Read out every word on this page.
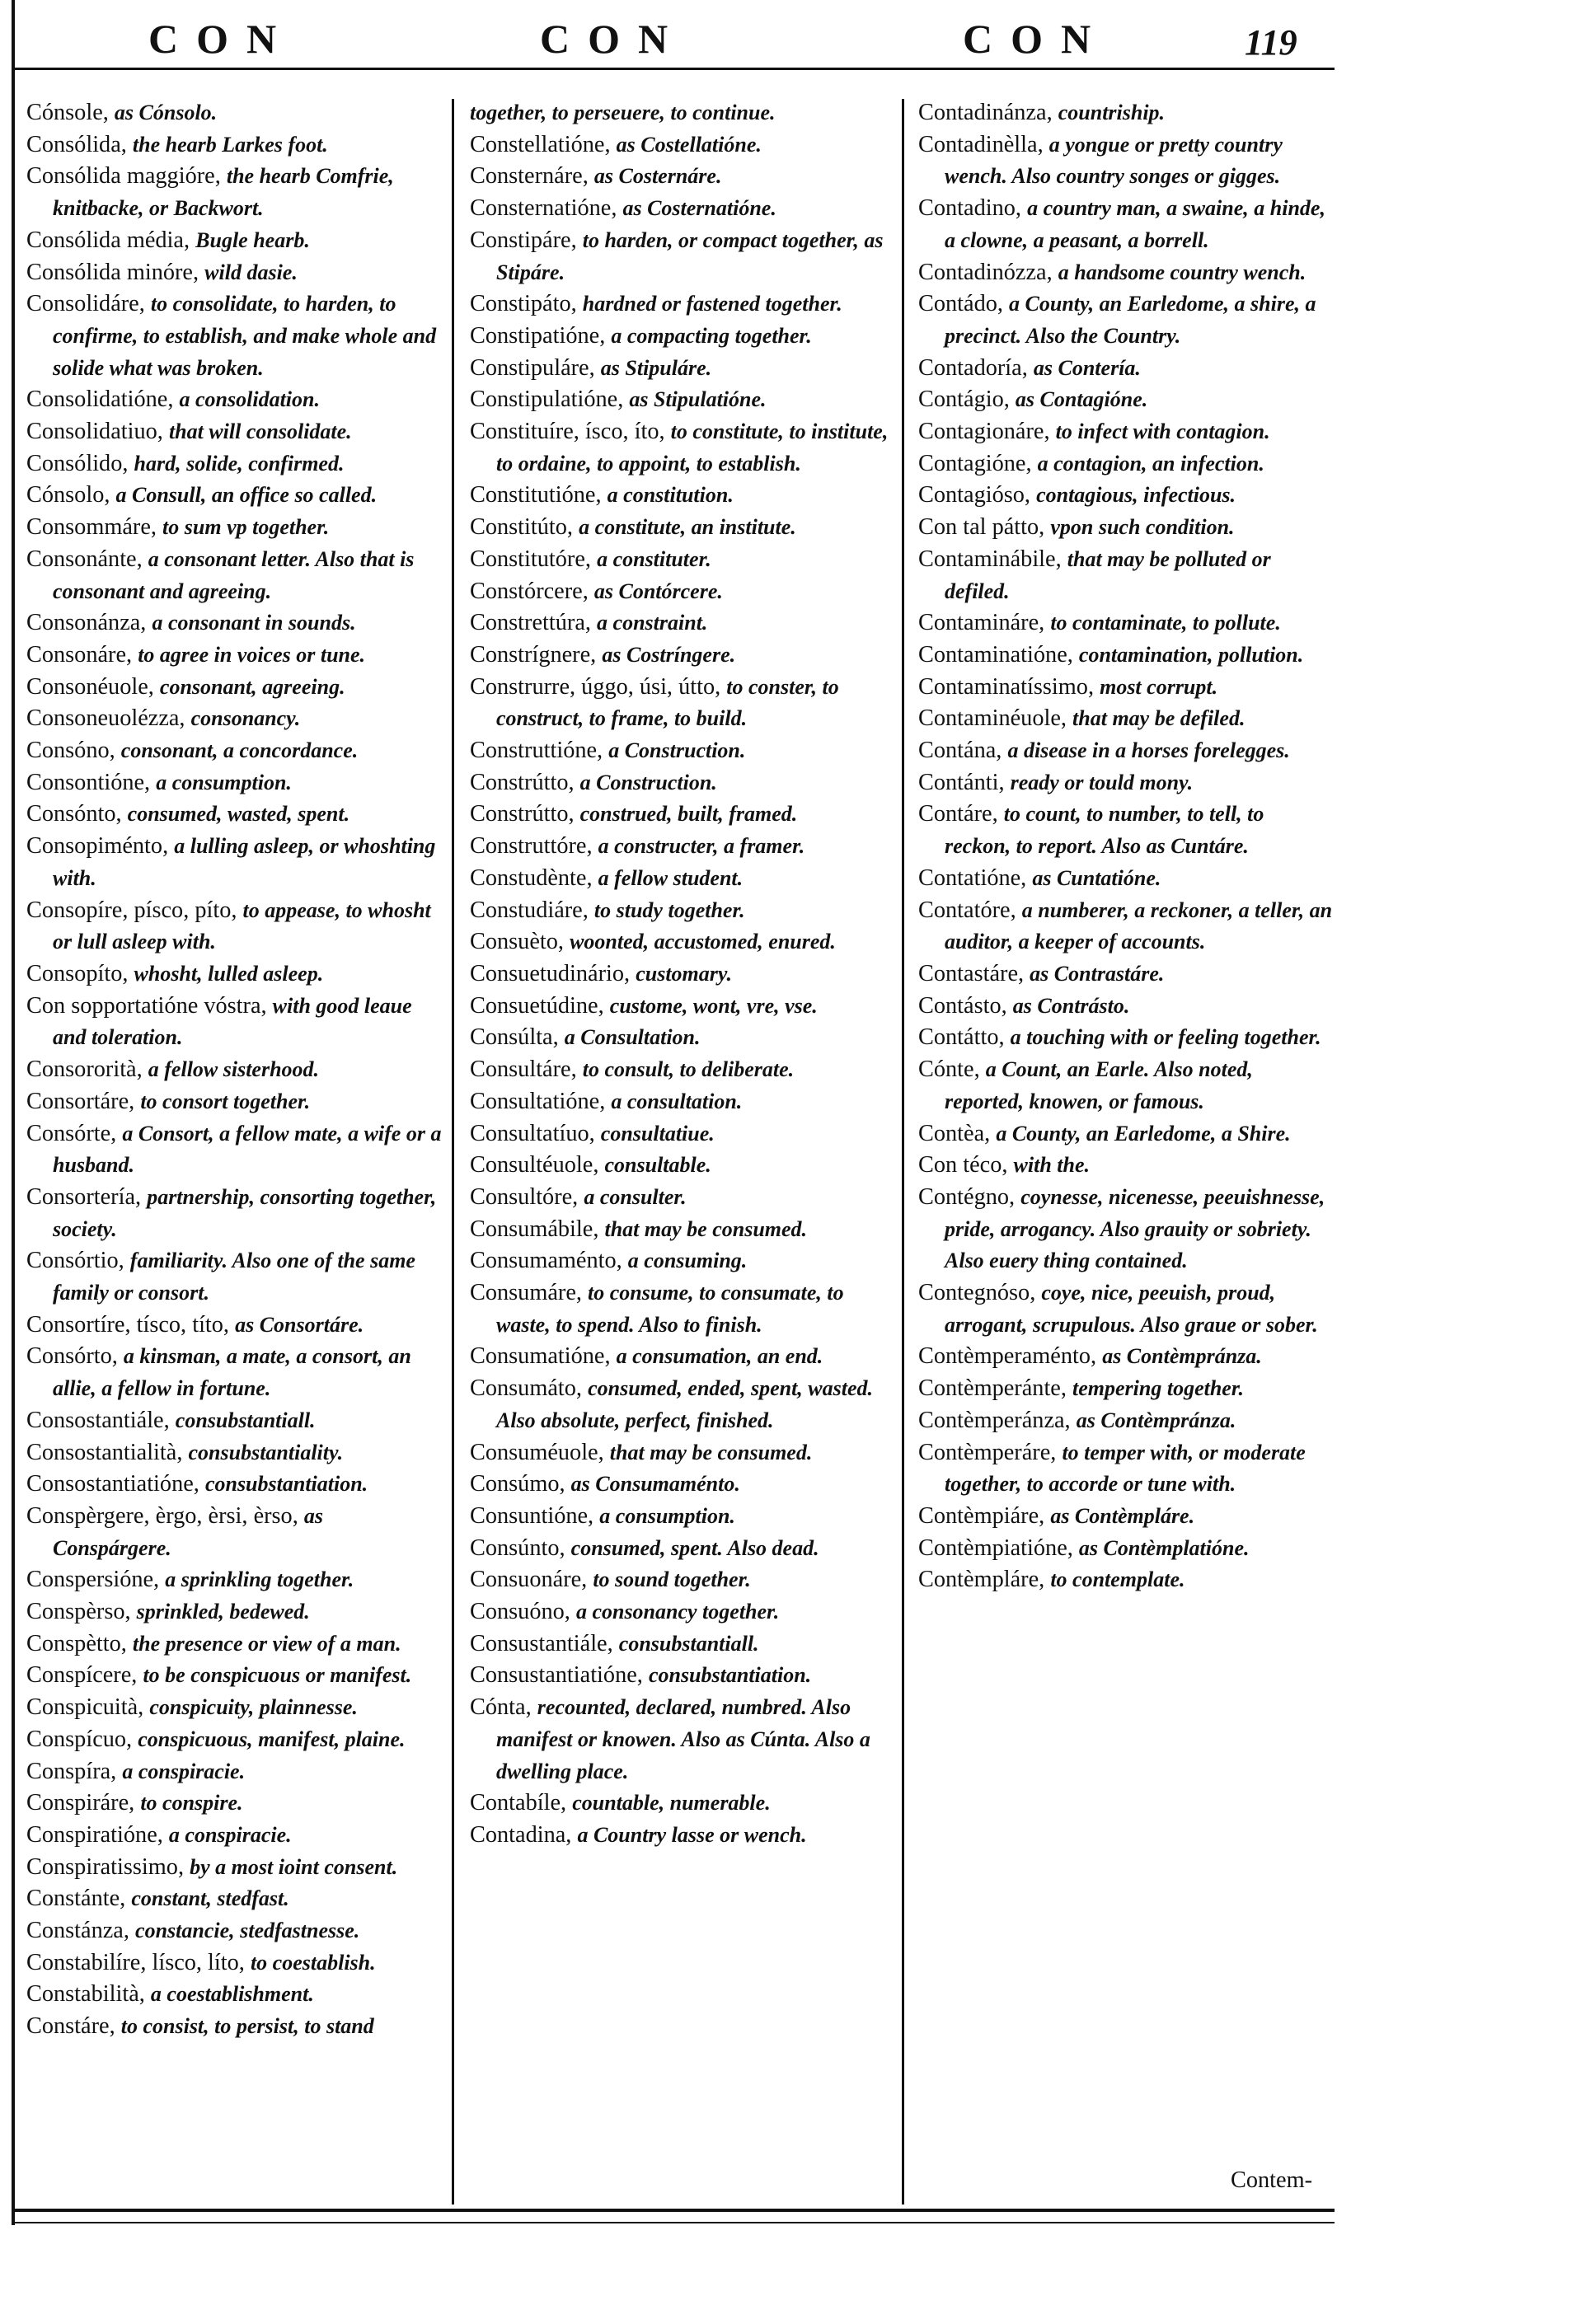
CON	CON	CON	119

Cónsole, as Cónsolo.

Consólida, the hearb Larkes foot.

Consólida maggióre, the hearb Comfrie, knitbacke, or Backwort.

Consólida média, Bugle hearb.

Consólida minóre, wild dasie.

Consolidáre, to consolidate, to harden, to confirme, to establish, and make whole and solide what was broken.

Consolidatióne, a consolidation.

Consolidatiuo, that will consolidate.

Consólido, hard, solide, confirmed.

Cónsolo, a Consull, an office so called.

Consommáre, to sum vp together.

Consonánte, a consonant letter. Also that is consonant and agreeing.

Consonánza, a consonant in sounds.

Consonáre, to agree in voices or tune.

Consonéuole, consonant, agreeing.

Consoneuolézza, consonancy.

Consóno, consonant, a concordance.

Consontióne, a consumption.

Consónto, consumed, wasted, spent.

Consopiménto, a lulling asleep, or whoshting with.

Consopíre, písco, píto, to appease, to whosht or lull asleep with.

Consopíto, whosht, lulled asleep.

Con sopportatióne vóstra, with good leaue and toleration.

Consororità, a fellow sisterhood.

Consortáre, to consort together.

Consórte, a Consort, a fellow mate, a wife or a husband.

Consortería, partnership, consorting together, society.

Consórtio, familiarity. Also one of the same family or consort.

Consortíre, tísco, títo, as Consortáre.

Consórto, a kinsman, a mate, a consort, an allie, a fellow in fortune.

Consostantiále, consubstantiall.

Consostantialità, consubstantiality.

Consostantiatióne, consubstantiation.

Conspèrgere, èrgo, èrsi, èrso, as Conspárgere.

Conspersióne, a sprinkling together.

Conspèrso, sprinkled, bedewed.

Conspètto, the presence or view of a man.

Conspícere, to be conspicuous or manifest.

Conspicuità, conspicuity, plainnesse.

Conspícuo, conspicuous, manifest, plaine.

Conspíra, a conspiracie.

Conspiráre, to conspire.

Conspiratióne, a conspiracie.

Conspiratissimo, by a most ioint consent.

Constánte, constant, stedfast.

Constánza, constancie, stedfastnesse.

Constabilíre, lísco, líto, to coestablish.

Constabilità, a coestablishment.

Constáre, to consist, to persist, to stand

together, to perseuere, to continue.

Constellatióne, as Costellatióne.

Consternáre, as Costernáre.

Consternatióne, as Costernatióne.

Constipáre, to harden, or compact together, as Stipáre.

Constipáto, hardned or fastened together.

Constipatióne, a compacting together.

Constipuláre, as Stipuláre.

Constipulatióne, as Stipulatióne.

Constituíre, ísco, íto, to constitute, to institute, to ordaine, to appoint, to establish.

Constitutióne, a constitution.

Constitúto, a constitute, an institute.

Constitutóre, a constituter.

Constórcere, as Contórcere.

Constrettúra, a constraint.

Constrígnere, as Costríngere.

Construrre, úggo, úsi, útto, to conster, to construct, to frame, to build.

Construttióne, a Construction.

Constrútto, a Construction.

Constrútto, construed, built, framed.

Construttóre, a constructer, a framer.

Constudènte, a fellow student.

Constudiáre, to study together.

Consuèto, woonted, accustomed, enured.

Consuetudinário, customary.

Consuetúdine, custome, wont, vre, vse.

Consúlta, a Consultation.

Consultáre, to consult, to deliberate.

Consultatióne, a consultation.

Consultatíuo, consultatiue.

Consultéuole, consultable.

Consultóre, a consulter.

Consumábile, that may be consumed.

Consumaménto, a consuming.

Consumáre, to consume, to consumate, to waste, to spend. Also to finish.

Consumatióne, a consumation, an end.

Consumáto, consumed, ended, spent, wasted. Also absolute, perfect, finished.

Consuméuole, that may be consumed.

Consúmo, as Consumaménto.

Consuntióne, a consumption.

Consúnto, consumed, spent. Also dead.

Consuonáre, to sound together.

Consuóno, a consonancy together.

Consustantiále, consubstantiall.

Consustantiatióne, consubstantiation.

Cónta, recounted, declared, numbred. Also manifest or knowen. Also as Cúnta. Also a dwelling place.

Contabíle, countable, numerable.

Contadina, a Country lasse or wench.

Contadinánza, countriship.

Contadinèlla, a yongue or pretty country wench. Also country songes or gigges.

Contadino, a country man, a swaine, a hinde, a clowne, a peasant, a borrell.

Contadinózza, a handsome country wench.

Contádo, a County, an Earledome, a shire, a precinct. Also the Country.

Contadoría, as Contería.

Contágio, as Contagióne.

Contagionáre, to infect with contagion.

Contagióne, a contagion, an infection.

Contagióso, contagious, infectious.

Con tal pátto, vpon such condition.

Contaminábile, that may be polluted or defiled.

Contamináre, to contaminate, to pollute.

Contaminatióne, contamination, pollution.

Contaminatíssimo, most corrupt.

Contaminéuole, that may be defiled.

Contána, a disease in a horses forelegges.

Contánti, ready or tould mony.

Contáre, to count, to number, to tell, to reckon, to report. Also as Cuntáre.

Contatióne, as Cuntatióne.

Contatóre, a numberer, a reckoner, a teller, an auditor, a keeper of accounts.

Contastáre, as Contrastáre.

Contásto, as Contrásto.

Contátto, a touching with or feeling together.

Cónte, a Count, an Earle. Also noted, reported, knowen, or famous.

Contèa, a County, an Earledome, a Shire.

Con téco, with the.

Contégno, coynesse, nicenesse, peeuishnesse, pride, arrogancy. Also grauity or sobriety. Also euery thing contained.

Contegnóso, coye, nice, peeuish, proud, arrogant, scrupulous. Also graue or sober.

Contèmperaménto, as Contèmpránza.

Contèmperánte, tempering together.

Contèmperánza, as Contèmpránza.

Contèmperáre, to temper with, or moderate together, to accorde or tune with.

Contèmpiáre, as Contèmpláre.

Contèmpiatióne, as Contèmplatióne.

Contèmpláre, to contemplate.

Contem-
